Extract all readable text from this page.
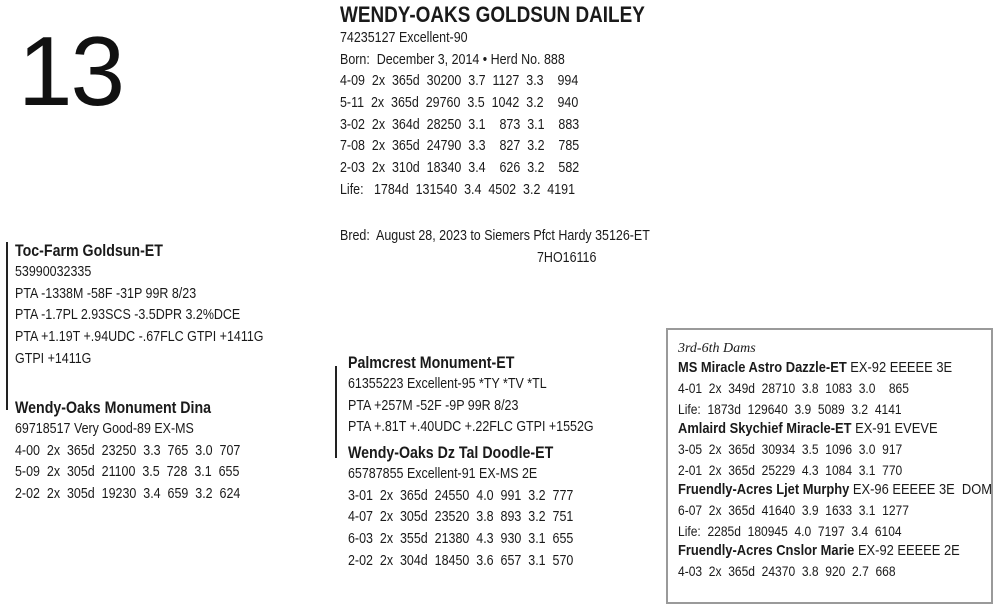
13
WENDY-OAKS GOLDSUN DAILEY
74235127 Excellent-90
Born:  December 3, 2014 • Herd No. 888
4-09  2x  365d  30200  3.7  1127  3.3    994
5-11  2x  365d  29760  3.5  1042  3.2    940
3-02  2x  364d  28250  3.1    873  3.1    883
7-08  2x  365d  24790  3.3    827  3.2    785
2-03  2x  310d  18340  3.4    626  3.2    582
Life:   1784d  131540  3.4  4502  3.2  4191
Bred:  August 28, 2023 to Siemers Pfct Hardy 35126-ET
7HO16116
Toc-Farm Goldsun-ET
53990032335
PTA -1338M -58F -31P 99R 8/23
PTA -1.7PL 2.93SCS -3.5DPR 3.2%DCE
PTA +1.19T +.94UDC -.67FLC GTPI +1411G
GTPI +1411G
Wendy-Oaks Monument Dina
69718517 Very Good-89 EX-MS
4-00  2x  365d  23250  3.3  765  3.0  707
5-09  2x  305d  21100  3.5  728  3.1  655
2-02  2x  305d  19230  3.4  659  3.2  624
Palmcrest Monument-ET
61355223 Excellent-95 *TY *TV *TL
PTA +257M -52F -9P 99R 8/23
PTA +.81T +.40UDC +.22FLC GTPI +1552G
Wendy-Oaks Dz Tal Doodle-ET
65787855 Excellent-91 EX-MS 2E
3-01  2x  365d  24550  4.0  991  3.2  777
4-07  2x  305d  23520  3.8  893  3.2  751
6-03  2x  355d  21380  4.3  930  3.1  655
2-02  2x  304d  18450  3.6  657  3.1  570
3rd-6th Dams
MS Miracle Astro Dazzle-ET EX-92 EEEEE 3E
4-01  2x  349d  28710  3.8  1083  3.0    865
Life:  1873d  129640  3.9  5089  3.2  4141
Amlaird Skychief Miracle-ET EX-91 EVEVE
3-05  2x  365d  30934  3.5  1096  3.0  917
2-01  2x  365d  25229  4.3  1084  3.1  770
Fruendly-Acres Ljet Murphy EX-96 EEEEE 3E  DOM
6-07  2x  365d  41640  3.9  1633  3.1  1277
Life:  2285d  180945  4.0  7197  3.4  6104
Fruendly-Acres Cnslor Marie EX-92 EEEEE 2E
4-03  2x  365d  24370  3.8  920  2.7  668
